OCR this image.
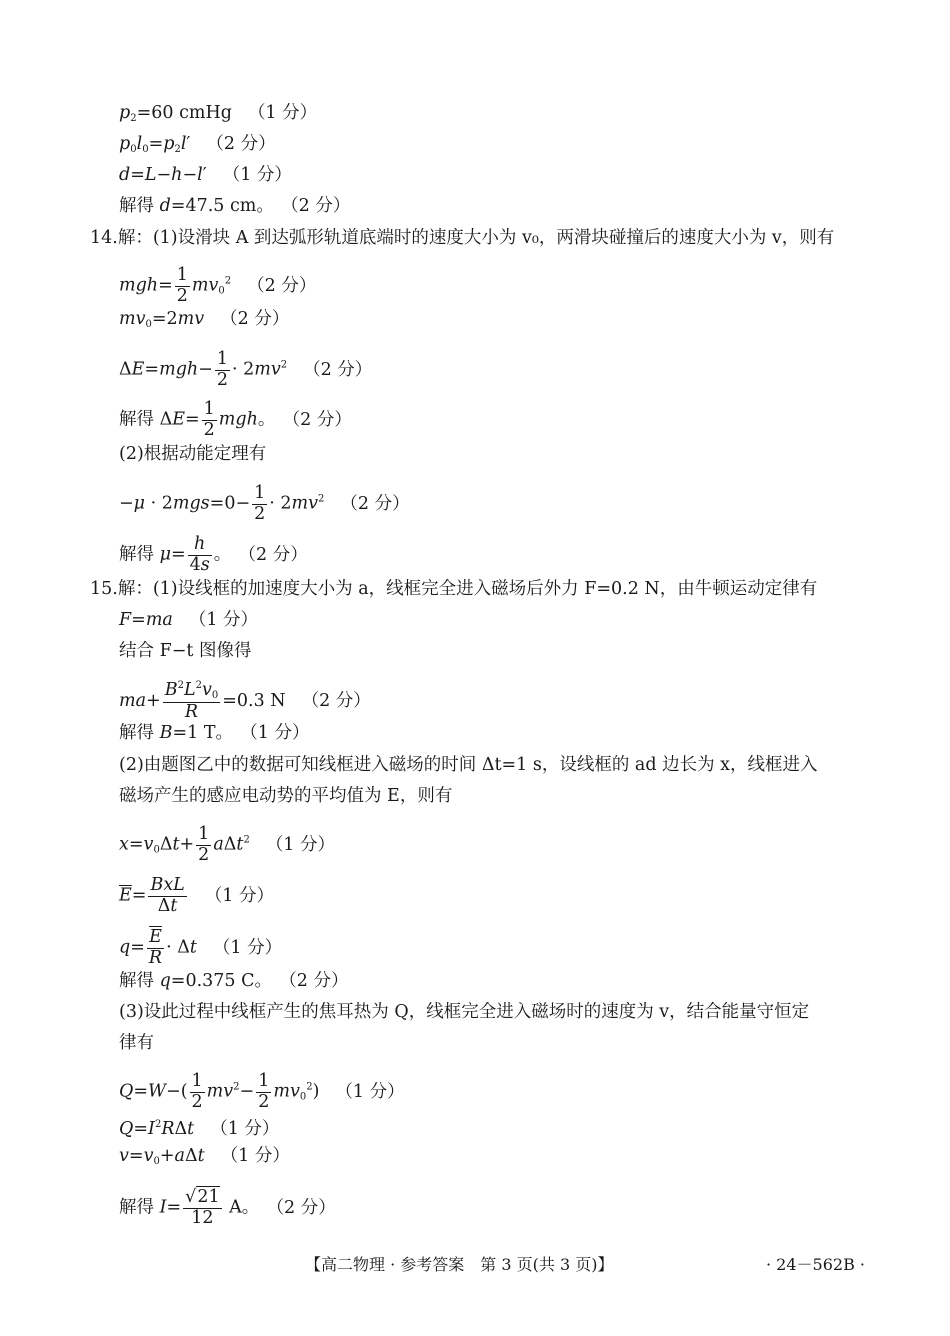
$p_2=60$ cmHg （1 分）
$p_0l_0=p_2l'$ （2 分）
d=L−h−l′ （1 分）
解得 d=47.5 cm。 （2 分）
14.解：(1)设滑块 A 到达弧形轨道底端时的速度大小为 v₀，两滑块碰撞后的速度大小为 v，则有
$mgh= \frac{1}{2} mv_0^2$ （2 分）
$mv_0=2mv$ （2 分）
$\Delta E=mgh- \frac{1}{2} \cdot 2mv^2$ （2 分）
解得 $\Delta E= \frac{1}{2}$ mgh。 （2 分）
(2)根据动能定理有
$-\mu \cdot 2mgs=0- \frac{1}{2} \cdot 2mv^2$ （2 分）
解得 $\mu= \frac{h}{4s}$ 。 （2 分）
15.解：(1)设线框的加速度大小为 a，线框完全进入磁场后外力 F=0.2 N，由牛顿运动定律有
F=ma （1 分）
结合 F−t 图像得
$ma+ \frac{B^2L^2v_0}{R} =0.3$ N （2 分）
解得 B=1 T。 （1 分）
(2)由题图乙中的数据可知线框进入磁场的时间 Δt=1 s，设线框的 ad 边长为 x，线框进入
磁场产生的感应电动势的平均值为 E，则有
$x=v_0\Delta t+ \frac{1}{2} a\Delta t^2$ （1 分）
$\overline{E}= \frac{\text{BxL}}{\Delta t} (1$ 分）
$q= \frac{\overline{E}}{R} \cdot \Delta t$ （1 分）
解得 q=0.375 C。 （2 分）
(3)设此过程中线框产生的焦耳热为 Q，线框完全进入磁场时的速度为 v，结合能量守恒定
律有
$Q=W-( \frac{1}{2} mv^2- \frac{1}{2} mv_0^2)$ （1 分）
$Q=I^2R\Delta t$ （1 分）
$v=v_0+a\Delta t$ （1 分）
解得 $I= \frac{√21}{12}$ A。 （2 分）
【高二物理 · 参考答案　第 3 页(共 3 页)】	· 24－562B ·
